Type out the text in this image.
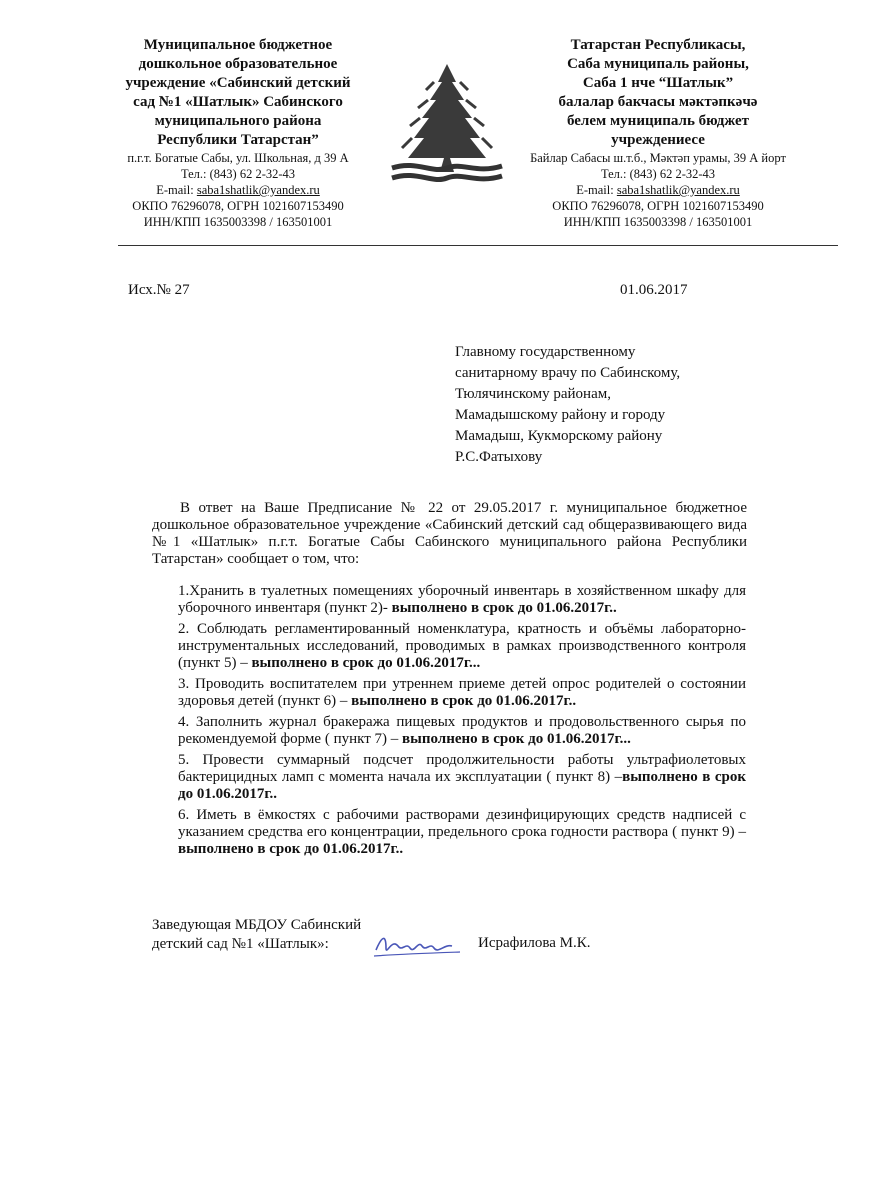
Муниципальное бюджетное
дошкольное образовательное
учреждение «Сабинский детский
сад №1 «Шатлык» Сабинского
муниципального района
Республики Татарстан”
п.г.т. Богатые Сабы, ул. Школьная, д 39 А
Тел.: (843) 62 2-32-43
E-mail: saba1shatlik@yandex.ru
ОКПО 76296078, ОГРН 1021607153490
ИНН/КПП 1635003398 / 163501001
Татарстан Республикасы,
Саба муниципаль районы,
Саба 1 нче “Шатлык”
балалар бакчасы мәктәпкәчә
белем муниципаль бюджет
учреждениесе
Байлар Сабасы ш.т.б., Мәктәп урамы, 39 А йорт
Тел.: (843) 62 2-32-43
E-mail: saba1shatlik@yandex.ru
ОКПО 76296078, ОГРН 1021607153490
ИНН/КПП 1635003398 / 163501001
Исх.№ 27	01.06.2017
Главному государственному
санитарному врачу по Сабинскому,
Тюлячинскому районам,
Мамадышскому району и городу
Мамадыш, Кукморскому району
Р.С.Фатыхову
В ответ на Ваше Предписание № 22 от 29.05.2017 г. муниципальное бюджетное дошкольное образовательное учреждение «Сабинский детский сад общеразвивающего вида №1 «Шатлык» п.г.т. Богатые Сабы Сабинского муниципального района Республики Татарстан» сообщает о том, что:
1.Хранить в туалетных помещениях уборочный инвентарь в хозяйственном шкафу для уборочного инвентаря (пункт 2)- выполнено в срок до 01.06.2017г..
2. Соблюдать регламентированный номенклатура, кратность и объёмы лабораторно- инструментальных исследований, проводимых в рамках производственного контроля (пункт 5) – выполнено в срок до 01.06.2017г...
3. Проводить воспитателем при утреннем приеме детей опрос родителей о состоянии здоровья детей (пункт 6) – выполнено в срок до 01.06.2017г..
4. Заполнить журнал бракеража пищевых продуктов и продовольственного сырья по рекомендуемой форме ( пункт 7) – выполнено в срок до 01.06.2017г...
5. Провести суммарный подсчет продолжительности работы ультрафиолетовых бактерицидных ламп с момента начала их эксплуатации ( пункт 8) –выполнено в срок до 01.06.2017г..
6. Иметь в ёмкостях с рабочими растворами дезинфицирующих средств надписей с указанием средства его концентрации, предельного срока годности раствора ( пункт 9) – выполнено в срок до 01.06.2017г..
Заведующая МБДОУ Сабинский
детский сад №1 «Шатлык»:	Исрафилова М.К.
